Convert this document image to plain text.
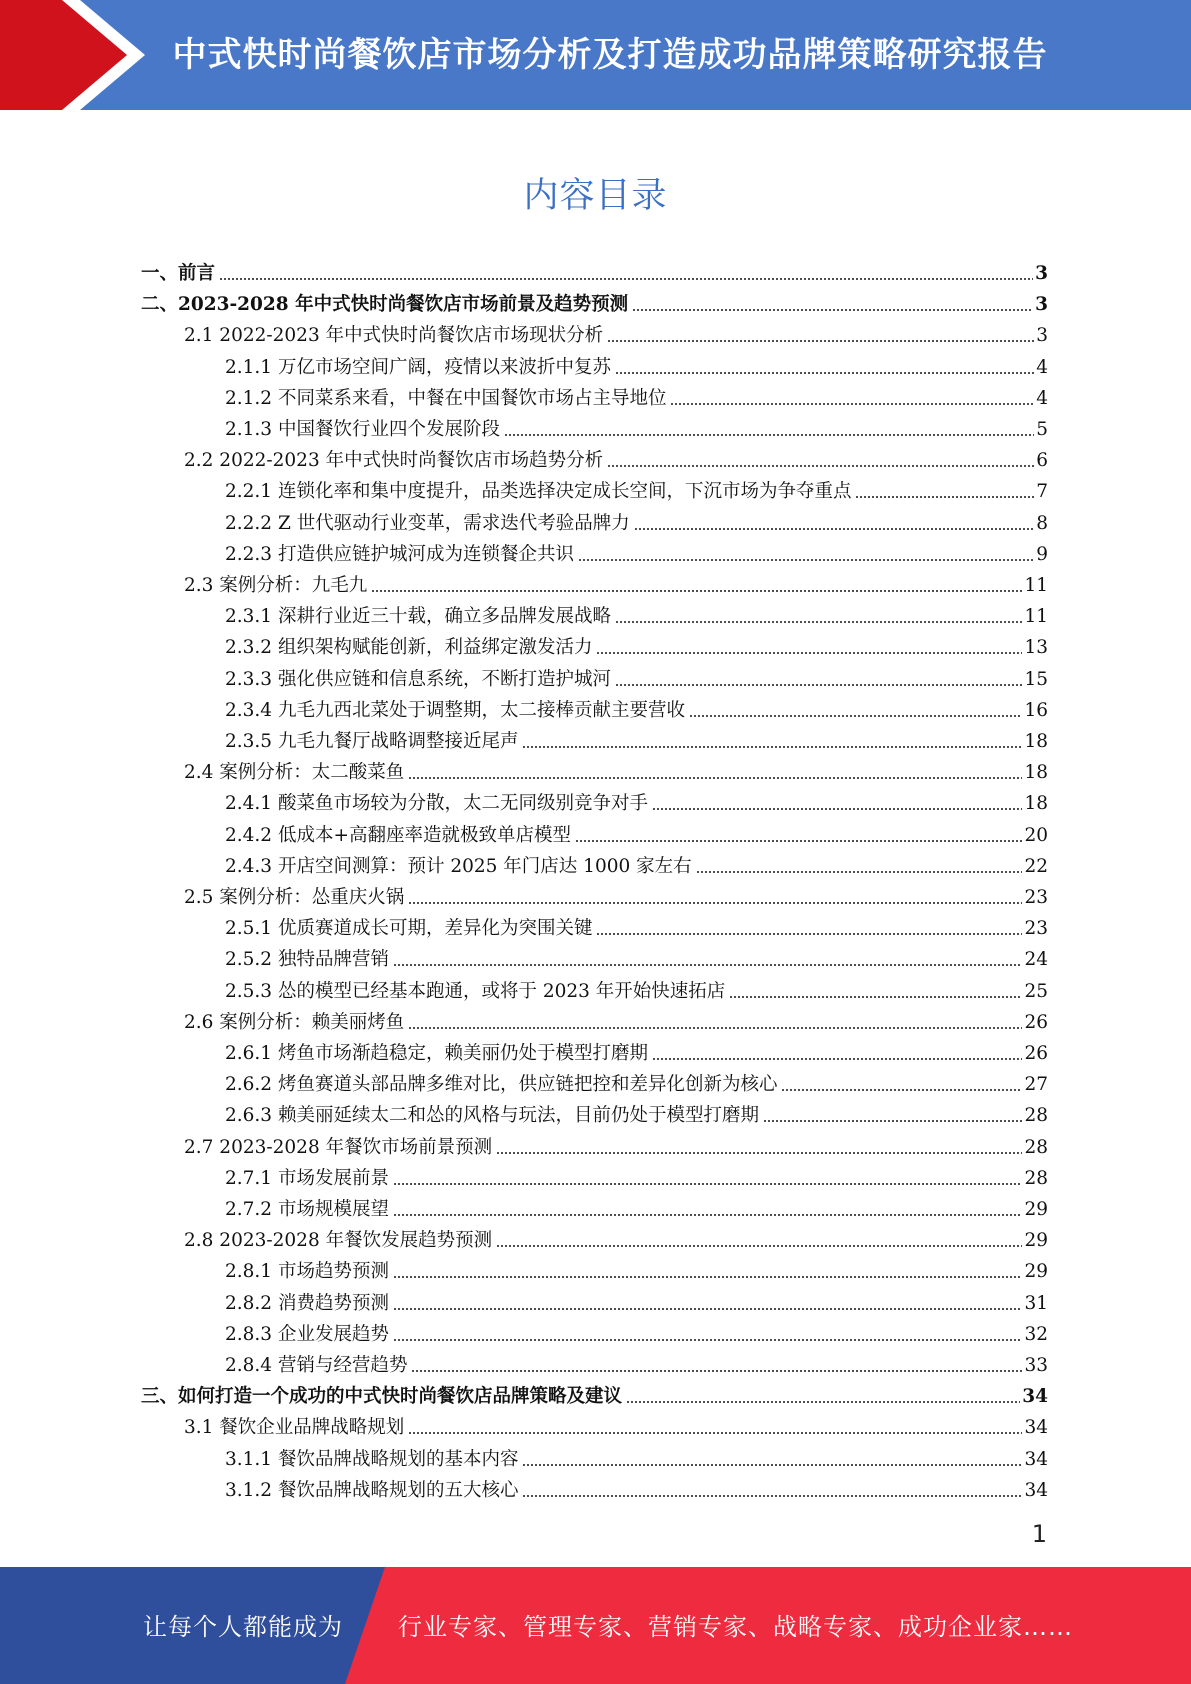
中式快时尚餐饮店市场分析及打造成功品牌策略研究报告
内容目录
一、前言	3
二、2023-2028 年中式快时尚餐饮店市场前景及趋势预测	3
2.1 2022-2023 年中式快时尚餐饮店市场现状分析	3
2.1.1 万亿市场空间广阔，疫情以来波折中复苏	4
2.1.2 不同菜系来看，中餐在中国餐饮市场占主导地位	4
2.1.3 中国餐饮行业四个发展阶段	5
2.2 2022-2023 年中式快时尚餐饮店市场趋势分析	6
2.2.1 连锁化率和集中度提升，品类选择决定成长空间，下沉市场为争夺重点	7
2.2.2 Z 世代驱动行业变革，需求迭代考验品牌力	8
2.2.3 打造供应链护城河成为连锁餐企共识	9
2.3 案例分析：九毛九	11
2.3.1 深耕行业近三十载，确立多品牌发展战略	11
2.3.2 组织架构赋能创新，利益绑定激发活力	13
2.3.3 强化供应链和信息系统，不断打造护城河	15
2.3.4 九毛九西北菜处于调整期，太二接棒贡献主要营收	16
2.3.5 九毛九餐厅战略调整接近尾声	18
2.4 案例分析：太二酸菜鱼	18
2.4.1 酸菜鱼市场较为分散，太二无同级别竞争对手	18
2.4.2 低成本+高翻座率造就极致单店模型	20
2.4.3 开店空间测算：预计 2025 年门店达 1000 家左右	22
2.5 案例分析：怂重庆火锅	23
2.5.1 优质赛道成长可期，差异化为突围关键	23
2.5.2 独特品牌营销	24
2.5.3 怂的模型已经基本跑通，或将于 2023 年开始快速拓店	25
2.6 案例分析：赖美丽烤鱼	26
2.6.1 烤鱼市场渐趋稳定，赖美丽仍处于模型打磨期	26
2.6.2 烤鱼赛道头部品牌多维对比，供应链把控和差异化创新为核心	27
2.6.3 赖美丽延续太二和怂的风格与玩法，目前仍处于模型打磨期	28
2.7 2023-2028 年餐饮市场前景预测	28
2.7.1 市场发展前景	28
2.7.2 市场规模展望	29
2.8 2023-2028 年餐饮发展趋势预测	29
2.8.1 市场趋势预测	29
2.8.2 消费趋势预测	31
2.8.3 企业发展趋势	32
2.8.4 营销与经营趋势	33
三、如何打造一个成功的中式快时尚餐饮店品牌策略及建议	34
3.1 餐饮企业品牌战略规划	34
3.1.1 餐饮品牌战略规划的基本内容	34
3.1.2 餐饮品牌战略规划的五大核心	34
1
让每个人都能成为 行业专家、管理专家、营销专家、战略专家、成功企业家……
